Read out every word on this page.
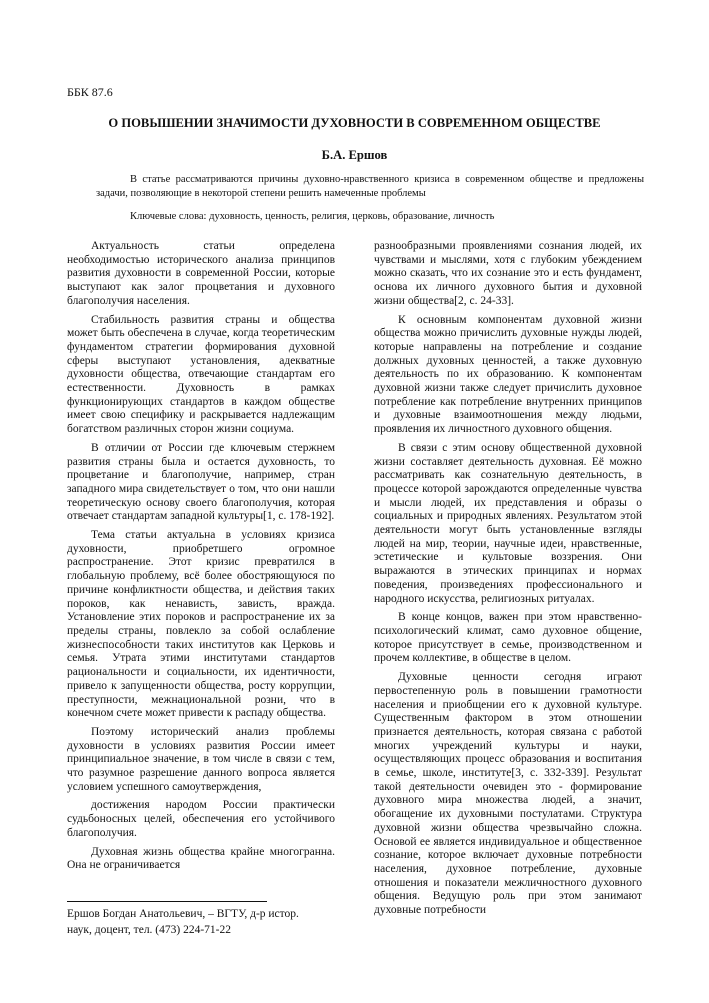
ББК 87.6
О ПОВЫШЕНИИ ЗНАЧИМОСТИ ДУХОВНОСТИ В СОВРЕМЕННОМ ОБЩЕСТВЕ
Б.А. Ершов
В статье рассматриваются причины духовно-нравственного кризиса в современном обществе и предложены задачи, позволяющие в некоторой степени решить намеченные проблемы
Ключевые слова: духовность, ценность, религия, церковь, образование, личность

Актуальность статьи определена необходимостью исторического анализа принципов развития духовности в современной России, которые выступают как залог процветания и духовного благополучия населения.

Стабильность развития страны и общества может быть обеспечена в случае, когда теоретическим фундаментом стратегии формирования духовной сферы выступают установления, адекватные духовности общества, отвечающие стандартам его естественности. Духовность в рамках функционирующих стандартов в каждом обществе имеет свою специфику и раскрывается надлежащим богатством различных сторон жизни социума.

В отличии от России где ключевым стержнем развития страны была и остается духовность, то процветание и благополучие, например, стран западного мира свидетельствует о том, что они нашли теоретическую основу своего благополучия, которая отвечает стандартам западной культуры[1, с. 178-192].

Тема статьи актуальна в условиях кризиса духовности, приобретшего огромное распространение. Этот кризис превратился в глобальную проблему, всё более обостряющуюся по причине конфликтности общества, и действия таких пороков, как ненависть, зависть, вражда. Установление этих пороков и распространение их за пределы страны, повлекло за собой ослабление жизнеспособности таких институтов как Церковь и семья. Утрата этими институтами стандартов рациональности и социальности, их идентичности, привело к запущенности общества, росту коррупции, преступности, межнациональной розни, что в конечном счете может привести к распаду общества.

Поэтому исторический анализ проблемы духовности в условиях развития России имеет принципиальное значение, в том числе в связи с тем, что разумное разрешение данного вопроса является условием успешного самоутверждения,

достижения народом России практически судьбоносных целей, обеспечения его устойчивого благополучия.

Духовная жизнь общества крайне многогранна. Она не ограничивается

разнообразными проявлениями сознания людей, их чувствами и мыслями, хотя с глубоким убеждением можно сказать, что их сознание это и есть фундамент, основа их личного духовного бытия и духовной жизни общества[2, с. 24-33].

К основным компонентам духовной жизни общества можно причислить духовные нужды людей, которые направлены на потребление и создание должных духовных ценностей, а также духовную деятельность по их образованию. К компонентам духовной жизни также следует причислить духовное потребление как потребление внутренних принципов и духовные взаимоотношения между людьми, проявления их личностного духовного общения.

В связи с этим основу общественной духовной жизни составляет деятельность духовная. Её можно рассматривать как сознательную деятельность, в процессе которой зарождаются определенные чувства и мысли людей, их представления и образы о социальных и природных явлениях. Результатом этой деятельности могут быть установленные взгляды людей на мир, теории, научные идеи, нравственные, эстетические и культовые воззрения. Они выражаются в этических принципах и нормах поведения, произведениях профессионального и народного искусства, религиозных ритуалах.

В конце концов, важен при этом нравственно-психологический климат, само духовное общение, которое присутствует в семье, производственном и прочем коллективе, в обществе в целом.

Духовные ценности сегодня играют первостепенную роль в повышении грамотности населения и приобщении его к духовной культуре. Существенным фактором в этом отношении признается деятельность, которая связана с работой многих учреждений культуры и науки, осуществляющих процесс образования и воспитания в семье, школе, институте[3, с. 332-339]. Результат такой деятельности очевиден это - формирование духовного мира множества людей, а значит, обогащение их духовными постулатами. Структура духовной жизни общества чрезвычайно сложна. Основой ее является индивидуальное и общественное сознание, которое включает духовные потребности населения, духовное потребление, духовные отношения и показатели межличностного духовного общения. Ведущую роль при этом занимают духовные потребности

Ершов Богдан Анатольевич, – ВГТУ, д-р истор.
наук, доцент, тел. (473) 224-71-22
